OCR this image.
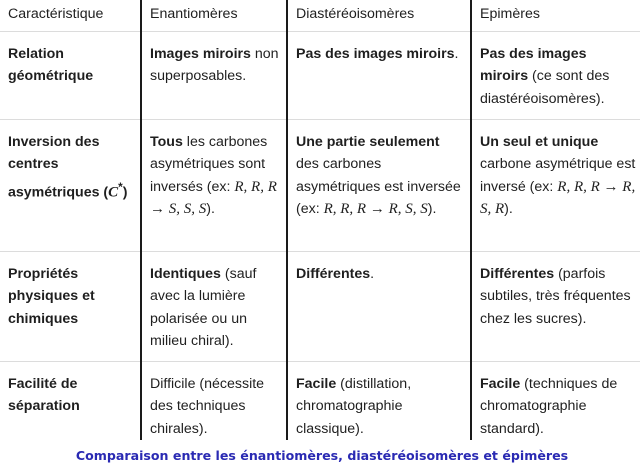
Caractéristique	Enantiomères	Diastéréoisomères	Epimères
Relation géométrique	Images miroirs non superposables.	Pas des images miroirs.	Pas des images miroirs (ce sont des diastéréoisomères).
Inversion des centres asymétriques (C*)	Tous les carbones asymétriques sont inversés (ex: R, R, R → S, S, S).	Une partie seulement des carbones asymétriques est inversée (ex: R, R, R → R, S, S).	Un seul et unique carbone asymétrique est inversé (ex: R, R, R → R, S, R).
Propriétés physiques et chimiques	Identiques (sauf avec la lumière polarisée ou un milieu chiral).	Différentes.	Différentes (parfois subtiles, très fréquentes chez les sucres).
Facilité de séparation	Difficile (nécessite des techniques chirales).	Facile (distillation, chromatographie classique).	Facile (techniques de chromatographie standard).
Comparaison entre les énantiomères, diastéréoisomères et épimères
